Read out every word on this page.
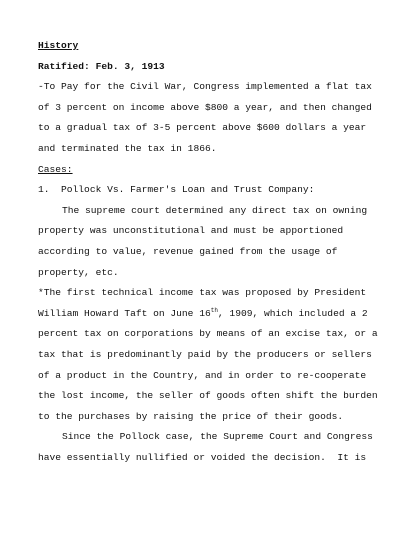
History
Ratified: Feb. 3, 1913
-To Pay for the Civil War, Congress implemented a flat tax
of 3 percent on income above $800 a year, and then changed
to a gradual tax of 3-5 percent above $600 dollars a year
and terminated the tax in 1866.
Cases:
1.  Pollock Vs. Farmer's Loan and Trust Company:
The supreme court determined any direct tax on owning
property was unconstitutional and must be apportioned
according to value, revenue gained from the usage of
property, etc.
*The first technical income tax was proposed by President
William Howard Taft on June 16th, 1909, which included a 2
percent tax on corporations by means of an excise tax, or a
tax that is predominantly paid by the producers or sellers
of a product in the Country, and in order to re-cooperate
the lost income, the seller of goods often shift the burden
to the purchases by raising the price of their goods.
Since the Pollock case, the Supreme Court and Congress
have essentially nullified or voided the decision.  It is
